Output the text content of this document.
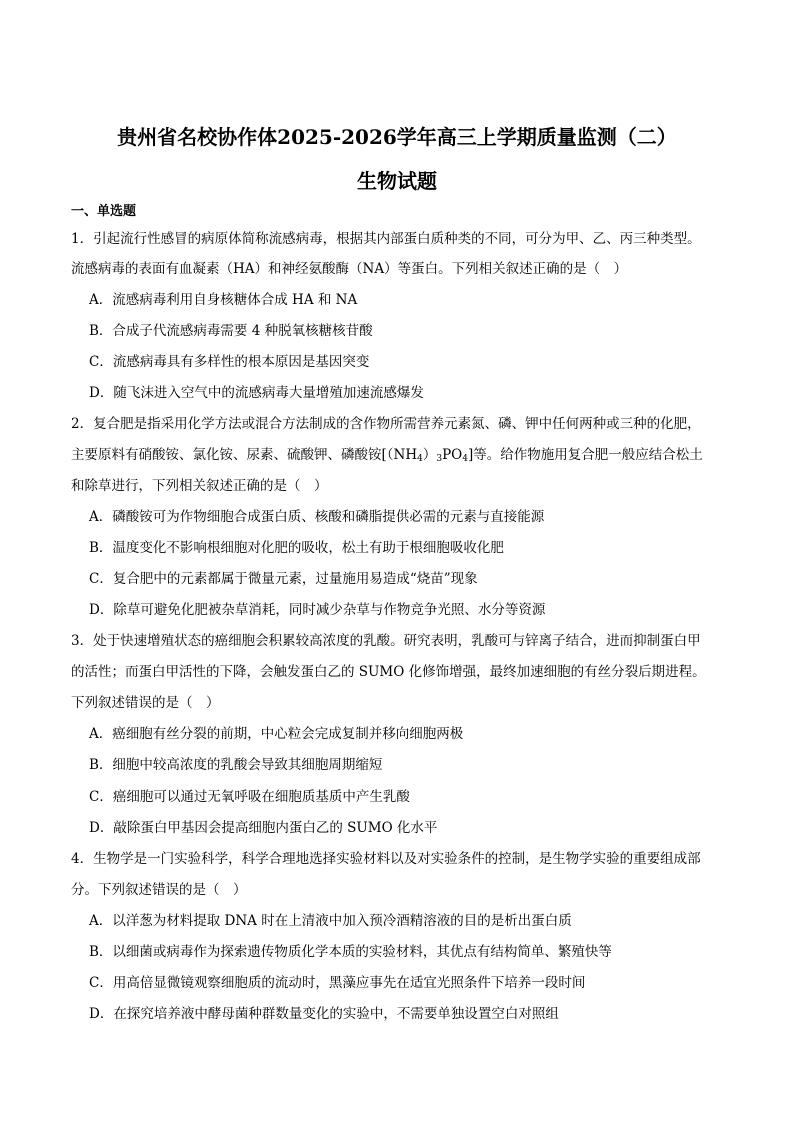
贵州省名校协作体2025-2026学年高三上学期质量监测（二）
生物试题
一、单选题
1．引起流行性感冒的病原体简称流感病毒，根据其内部蛋白质种类的不同，可分为甲、乙、丙三种类型。
流感病毒的表面有血凝素（HA）和神经氨酸酶（NA）等蛋白。下列相关叙述正确的是（　）
A．流感病毒利用自身核糖体合成 HA 和 NA
B．合成子代流感病毒需要 4 种脱氧核糖核苷酸
C．流感病毒具有多样性的根本原因是基因突变
D．随飞沫进入空气中的流感病毒大量增殖加速流感爆发
2．复合肥是指采用化学方法或混合方法制成的含作物所需营养元素氮、磷、钾中任何两种或三种的化肥，
主要原料有硝酸铵、氯化铵、尿素、硫酸钾、磷酸铵$[(NH_4)_3PO_4]$等。给作物施用复合肥一般应结合松土
和除草进行，下列相关叙述正确的是（　）
A．磷酸铵可为作物细胞合成蛋白质、核酸和磷脂提供必需的元素与直接能源
B．温度变化不影响根细胞对化肥的吸收，松土有助于根细胞吸收化肥
C．复合肥中的元素都属于微量元素，过量施用易造成“烧苗”现象
D．除草可避免化肥被杂草消耗，同时减少杂草与作物竞争光照、水分等资源
3．处于快速增殖状态的癌细胞会积累较高浓度的乳酸。研究表明，乳酸可与锌离子结合，进而抑制蛋白甲
的活性；而蛋白甲活性的下降，会触发蛋白乙的 SUMO 化修饰增强，最终加速细胞的有丝分裂后期进程。
下列叙述错误的是（　）
A．癌细胞有丝分裂的前期，中心粒会完成复制并移向细胞两极
B．细胞中较高浓度的乳酸会导致其细胞周期缩短
C．癌细胞可以通过无氧呼吸在细胞质基质中产生乳酸
D．敲除蛋白甲基因会提高细胞内蛋白乙的 SUMO 化水平
4．生物学是一门实验科学，科学合理地选择实验材料以及对实验条件的控制，是生物学实验的重要组成部
分。下列叙述错误的是（　）
A．以洋葱为材料提取 DNA 时在上清液中加入预冷酒精溶液的目的是析出蛋白质
B．以细菌或病毒作为探索遗传物质化学本质的实验材料，其优点有结构简单、繁殖快等
C．用高倍显微镜观察细胞质的流动时，黑藻应事先在适宜光照条件下培养一段时间
D．在探究培养液中酵母菌种群数量变化的实验中，不需要单独设置空白对照组
